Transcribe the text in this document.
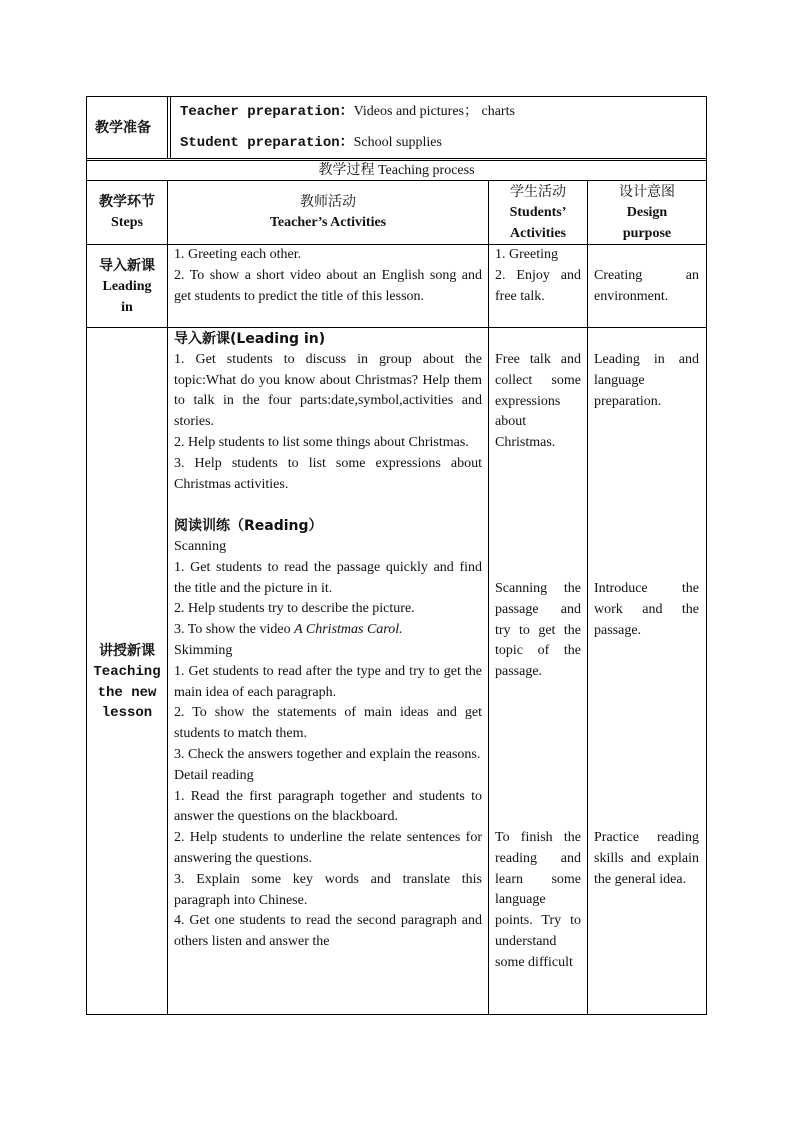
教学准备
Teacher preparation：Videos and pictures； charts
Student preparation：School supplies
教学过程 Teaching process
教学环节
Steps
教师活动
Teacher’s Activities
学生活动
Students’
Activities
设计意图
Design
purpose
导入新课
Leading
in

1. Greeting each other.

2. To show a short video about an English song and get students to predict the title of this lesson.

1. Greeting

2. Enjoy and free talk.

Creating an environment.
讲授新课
Teaching
the new
lesson

导入新课(Leading in)

1. Get students to discuss in group about the topic:What do you know about Christmas? Help them to talk in the four parts:date,symbol,activities and stories.

2. Help students to list some things about Christmas.

3. Help students to list some expressions about Christmas activities.

阅读训练（Reading）

Scanning

1. Get students to read the passage quickly and find the title and the picture in it.

2. Help students try to describe the picture.

3. To show the video A Christmas Carol.

Skimming

1. Get students to read after the type and try to get the main idea of each paragraph.

2. To show the statements of main ideas and get students to match them.

3. Check the answers together and explain the reasons.

Detail reading

1. Read the first paragraph together and students to answer the questions on the blackboard.

2. Help students to underline the relate sentences for answering the questions.

3. Explain some key words and translate this paragraph into Chinese.

4. Get one students to read the second paragraph and others listen and answer the

Free talk and collect some expressions about Christmas.
Scanning the passage and try to get the topic of the passage.
To finish the reading and learn some language points. Try to understand some difficult
Leading in and language preparation.
Introduce the work and the passage.
Practice reading skills and explain the general idea.
